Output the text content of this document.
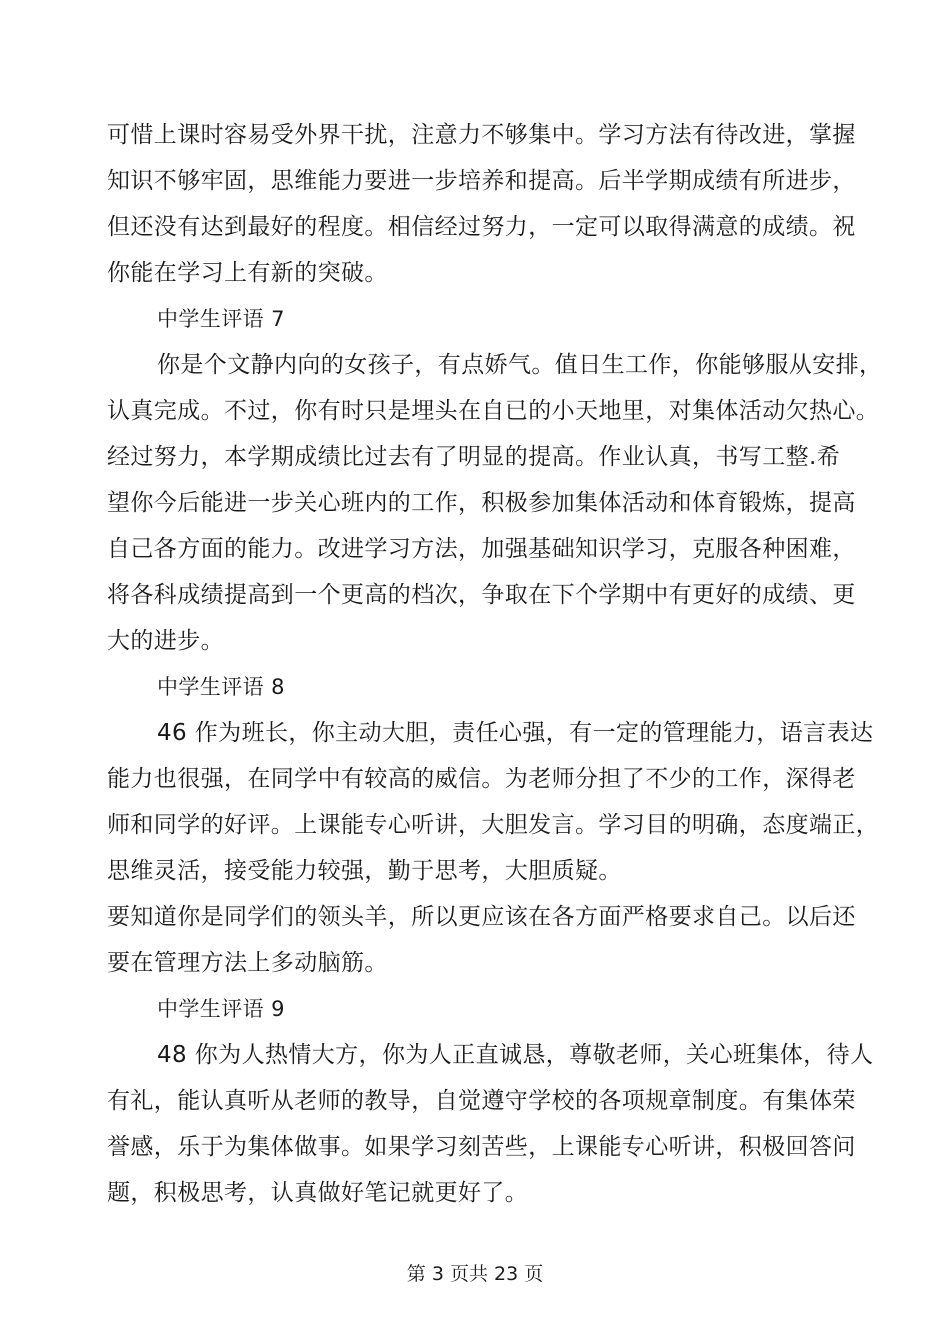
可惜上课时容易受外界干扰，注意力不够集中。学习方法有待改进，掌握
知识不够牢固，思维能力要进一步培养和提高。后半学期成绩有所进步，
但还没有达到最好的程度。相信经过努力，一定可以取得满意的成绩。祝
你能在学习上有新的突破。
中学生评语 7
你是个文静内向的女孩子，有点娇气。值日生工作，你能够服从安排，
认真完成。不过，你有时只是埋头在自已的小天地里，对集体活动欠热心。
经过努力，本学期成绩比过去有了明显的提高。作业认真，书写工整.希
望你今后能进一步关心班内的工作，积极参加集体活动和体育锻炼，提高
自己各方面的能力。改进学习方法，加强基础知识学习，克服各种困难，
将各科成绩提高到一个更高的档次，争取在下个学期中有更好的成绩、更
大的进步。
中学生评语 8
46 作为班长，你主动大胆，责任心强，有一定的管理能力，语言表达
能力也很强，在同学中有较高的威信。为老师分担了不少的工作，深得老
师和同学的好评。上课能专心听讲，大胆发言。学习目的明确，态度端正，
思维灵活，接受能力较强，勤于思考，大胆质疑。
要知道你是同学们的领头羊，所以更应该在各方面严格要求自己。以后还
要在管理方法上多动脑筋。
中学生评语 9
48 你为人热情大方，你为人正直诚恳，尊敬老师，关心班集体，待人
有礼，能认真听从老师的教导，自觉遵守学校的各项规章制度。有集体荣
誉感，乐于为集体做事。如果学习刻苦些，上课能专心听讲，积极回答问
题，积极思考，认真做好笔记就更好了。
第 3 页共 23 页
